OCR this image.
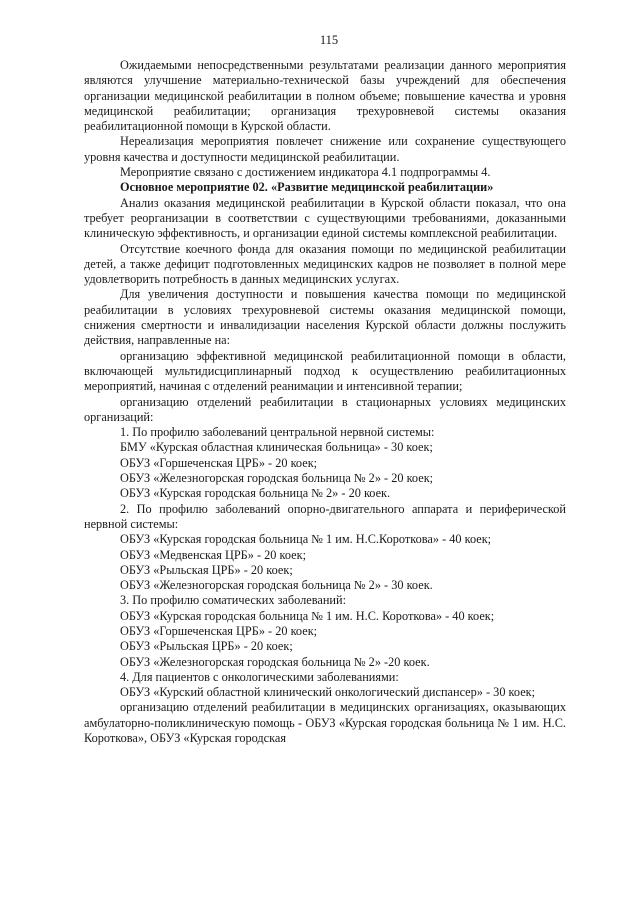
115

Ожидаемыми непосредственными результатами реализации данного мероприятия являются улучшение материально-технической базы учреждений для обеспечения организации медицинской реабилитации в полном объеме; повышение качества и уровня медицинской реабилитации; организация трехуровневой системы оказания реабилитационной помощи в Курской области.

Нереализация мероприятия повлечет снижение или сохранение существующего уровня качества и доступности медицинской реабилитации.

Мероприятие связано с достижением индикатора 4.1 подпрограммы 4.

Основное мероприятие 02. «Развитие медицинской реабилитации»

Анализ оказания медицинской реабилитации в Курской области показал, что она требует реорганизации в соответствии с существующими требованиями, доказанными клиническую эффективность, и организации единой системы комплексной реабилитации.

Отсутствие коечного фонда для оказания помощи по медицинской реабилитации детей, а также дефицит подготовленных медицинских кадров не позволяет в полной мере удовлетворить потребность в данных медицинских услугах.

Для увеличения доступности и повышения качества помощи по медицинской реабилитации в условиях трехуровневой системы оказания медицинской помощи, снижения смертности и инвалидизации населения Курской области должны послужить действия, направленные на:

организацию эффективной медицинской реабилитационной помощи в области, включающей мультидисциплинарный подход к осуществлению реабилитационных мероприятий, начиная с отделений реанимации и интенсивной терапии;

организацию отделений реабилитации в стационарных условиях медицинских организаций:

1. По профилю заболеваний центральной нервной системы:

БМУ «Курская областная клиническая больница» - 30 коек;

ОБУЗ «Горшеченская ЦРБ» - 20 коек;

ОБУЗ «Железногорская городская больница № 2» - 20 коек;

ОБУЗ «Курская городская больница № 2» - 20 коек.

2. По профилю заболеваний опорно-двигательного аппарата и периферической нервной системы:

ОБУЗ «Курская городская больница № 1 им. Н.С.Короткова» - 40 коек;

ОБУЗ «Медвенская ЦРБ» - 20 коек;

ОБУЗ «Рыльская ЦРБ» - 20 коек;

ОБУЗ «Железногорская городская больница № 2» - 30 коек.

3. По профилю соматических заболеваний:

ОБУЗ «Курская городская больница № 1 им. Н.С. Короткова» - 40 коек;

ОБУЗ «Горшеченская ЦРБ» - 20 коек;

ОБУЗ «Рыльская ЦРБ» - 20 коек;

ОБУЗ «Железногорская городская больница № 2» -20 коек.

4. Для пациентов с онкологическими заболеваниями:

ОБУЗ «Курский областной клинический онкологический диспансер» - 30 коек;

организацию отделений реабилитации в медицинских организациях, оказывающих амбулаторно-поликлиническую помощь - ОБУЗ «Курская городская больница № 1 им. Н.С. Короткова», ОБУЗ «Курская городская
